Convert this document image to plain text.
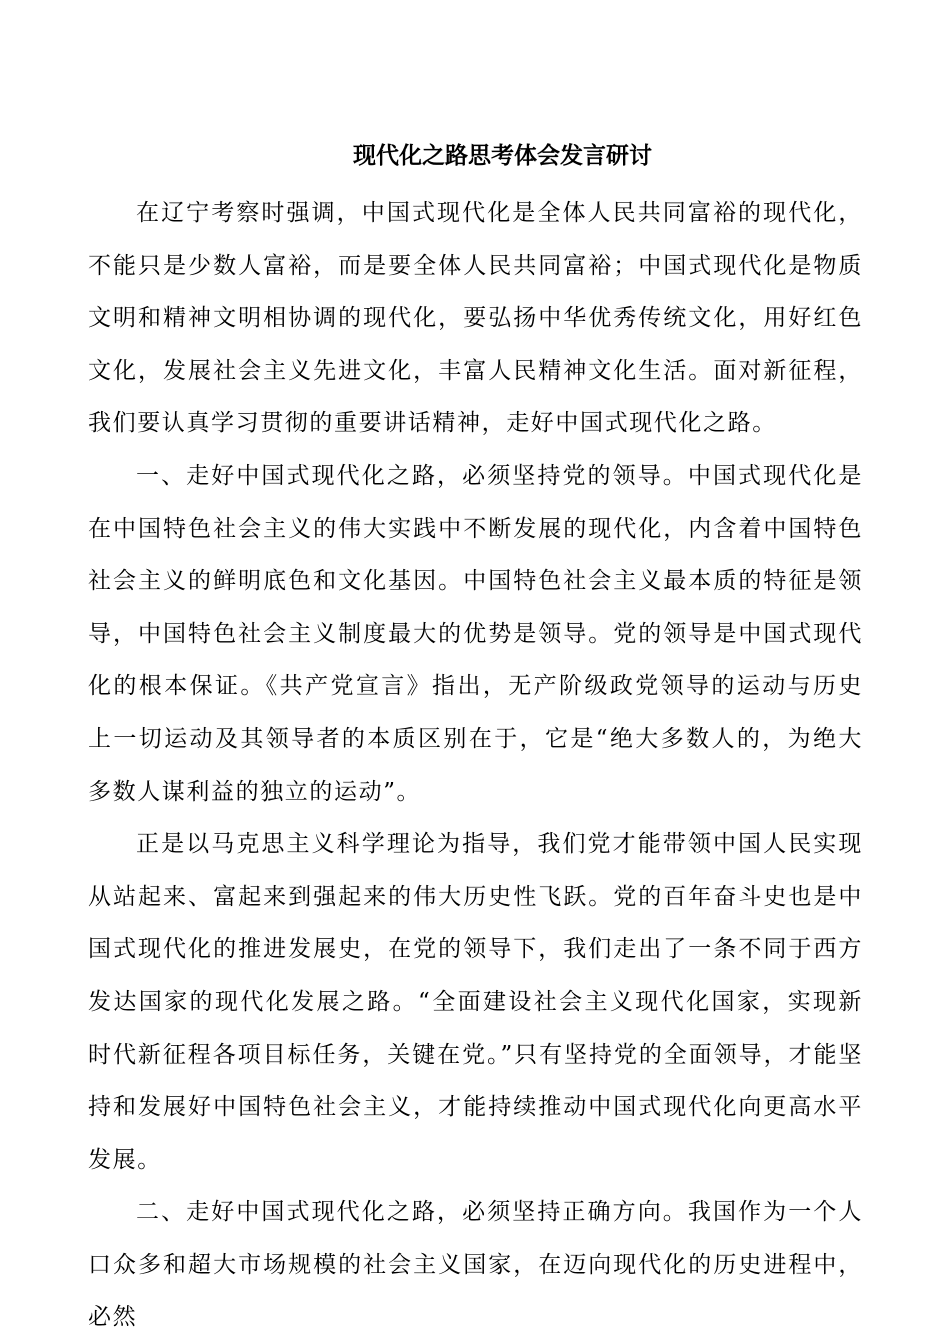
现代化之路思考体会发言研讨

在辽宁考察时强调，中国式现代化是全体人民共同富裕的现代化，不能只是少数人富裕，而是要全体人民共同富裕；中国式现代化是物质文明和精神文明相协调的现代化，要弘扬中华优秀传统文化，用好红色文化，发展社会主义先进文化，丰富人民精神文化生活。面对新征程，我们要认真学习贯彻的重要讲话精神，走好中国式现代化之路。

一、走好中国式现代化之路，必须坚持党的领导。中国式现代化是在中国特色社会主义的伟大实践中不断发展的现代化，内含着中国特色社会主义的鲜明底色和文化基因。中国特色社会主义最本质的特征是领导，中国特色社会主义制度最大的优势是领导。党的领导是中国式现代化的根本保证。《共产党宣言》指出，无产阶级政党领导的运动与历史上一切运动及其领导者的本质区别在于，它是“绝大多数人的，为绝大多数人谋利益的独立的运动”。

正是以马克思主义科学理论为指导，我们党才能带领中国人民实现从站起来、富起来到强起来的伟大历史性飞跃。党的百年奋斗史也是中国式现代化的推进发展史，在党的领导下，我们走出了一条不同于西方发达国家的现代化发展之路。“全面建设社会主义现代化国家，实现新时代新征程各项目标任务，关键在党。”只有坚持党的全面领导，才能坚持和发展好中国特色社会主义，才能持续推动中国式现代化向更高水平发展。

二、走好中国式现代化之路，必须坚持正确方向。我国作为一个人口众多和超大市场规模的社会主义国家，在迈向现代化的历史进程中，必然
